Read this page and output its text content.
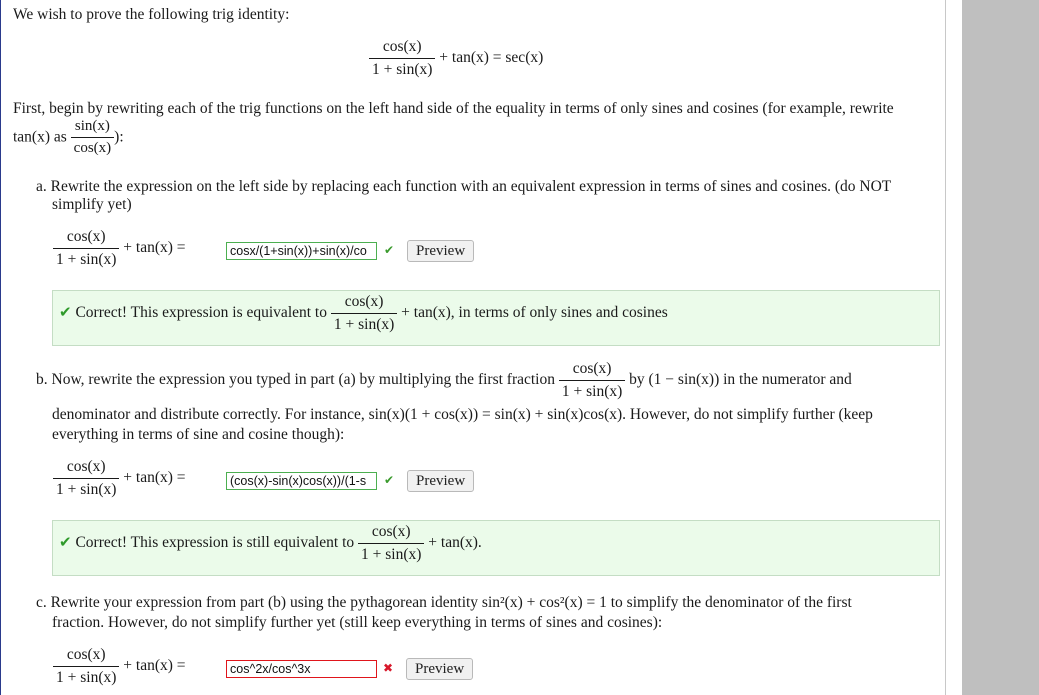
We wish to prove the following trig identity:
$\frac{\cos(x)}{1 + \sin(x)} + \tan(x) = \sec(x)$
First, begin by rewriting each of the trig functions on the left hand side of the equality in terms of only sines and cosines (for example, rewrite
tan(x) as $\frac{\sin(x)}{\cos(x)}$ ):
a. Rewrite the expression on the left side by replacing each function with an equivalent expression in terms of sines and cosines. (do NOT
simplify yet)
$\frac{\cos(x)}{1 + \sin(x)} + \tan(x)$ =	cosx/(1+sin(x))+sin(x)/co	✔	Preview
✔ Correct! This expression is equivalent to $\frac{\cos(x)}{1 + \sin(x)} + \tan(x)$, in terms of only sines and cosines
b. Now, rewrite the expression you typed in part (a) by multiplying the first fraction $\frac{\cos(x)}{1 + \sin(x)}$ by (1 − sin(x)) in the numerator and
denominator and distribute correctly. For instance, sin(x)(1 + cos(x)) = sin(x) + sin(x)cos(x). However, do not simplify further (keep
everything in terms of sine and cosine though):
$\frac{\cos(x)}{1 + \sin(x)} + \tan(x)$ =	(cos(x)-sin(x)cos(x))/(1-s	✔	Preview
✔ Correct! This expression is still equivalent to $\frac{\cos(x)}{1 + \sin(x)} + \tan(x)$.
c. Rewrite your expression from part (b) using the pythagorean identity sin²(x) + cos²(x) = 1 to simplify the denominator of the first
fraction. However, do not simplify further yet (still keep everything in terms of sines and cosines):
$\frac{\cos(x)}{1 + \sin(x)} + \tan(x)$ =	cos^2x/cos^3x	✖	Preview
